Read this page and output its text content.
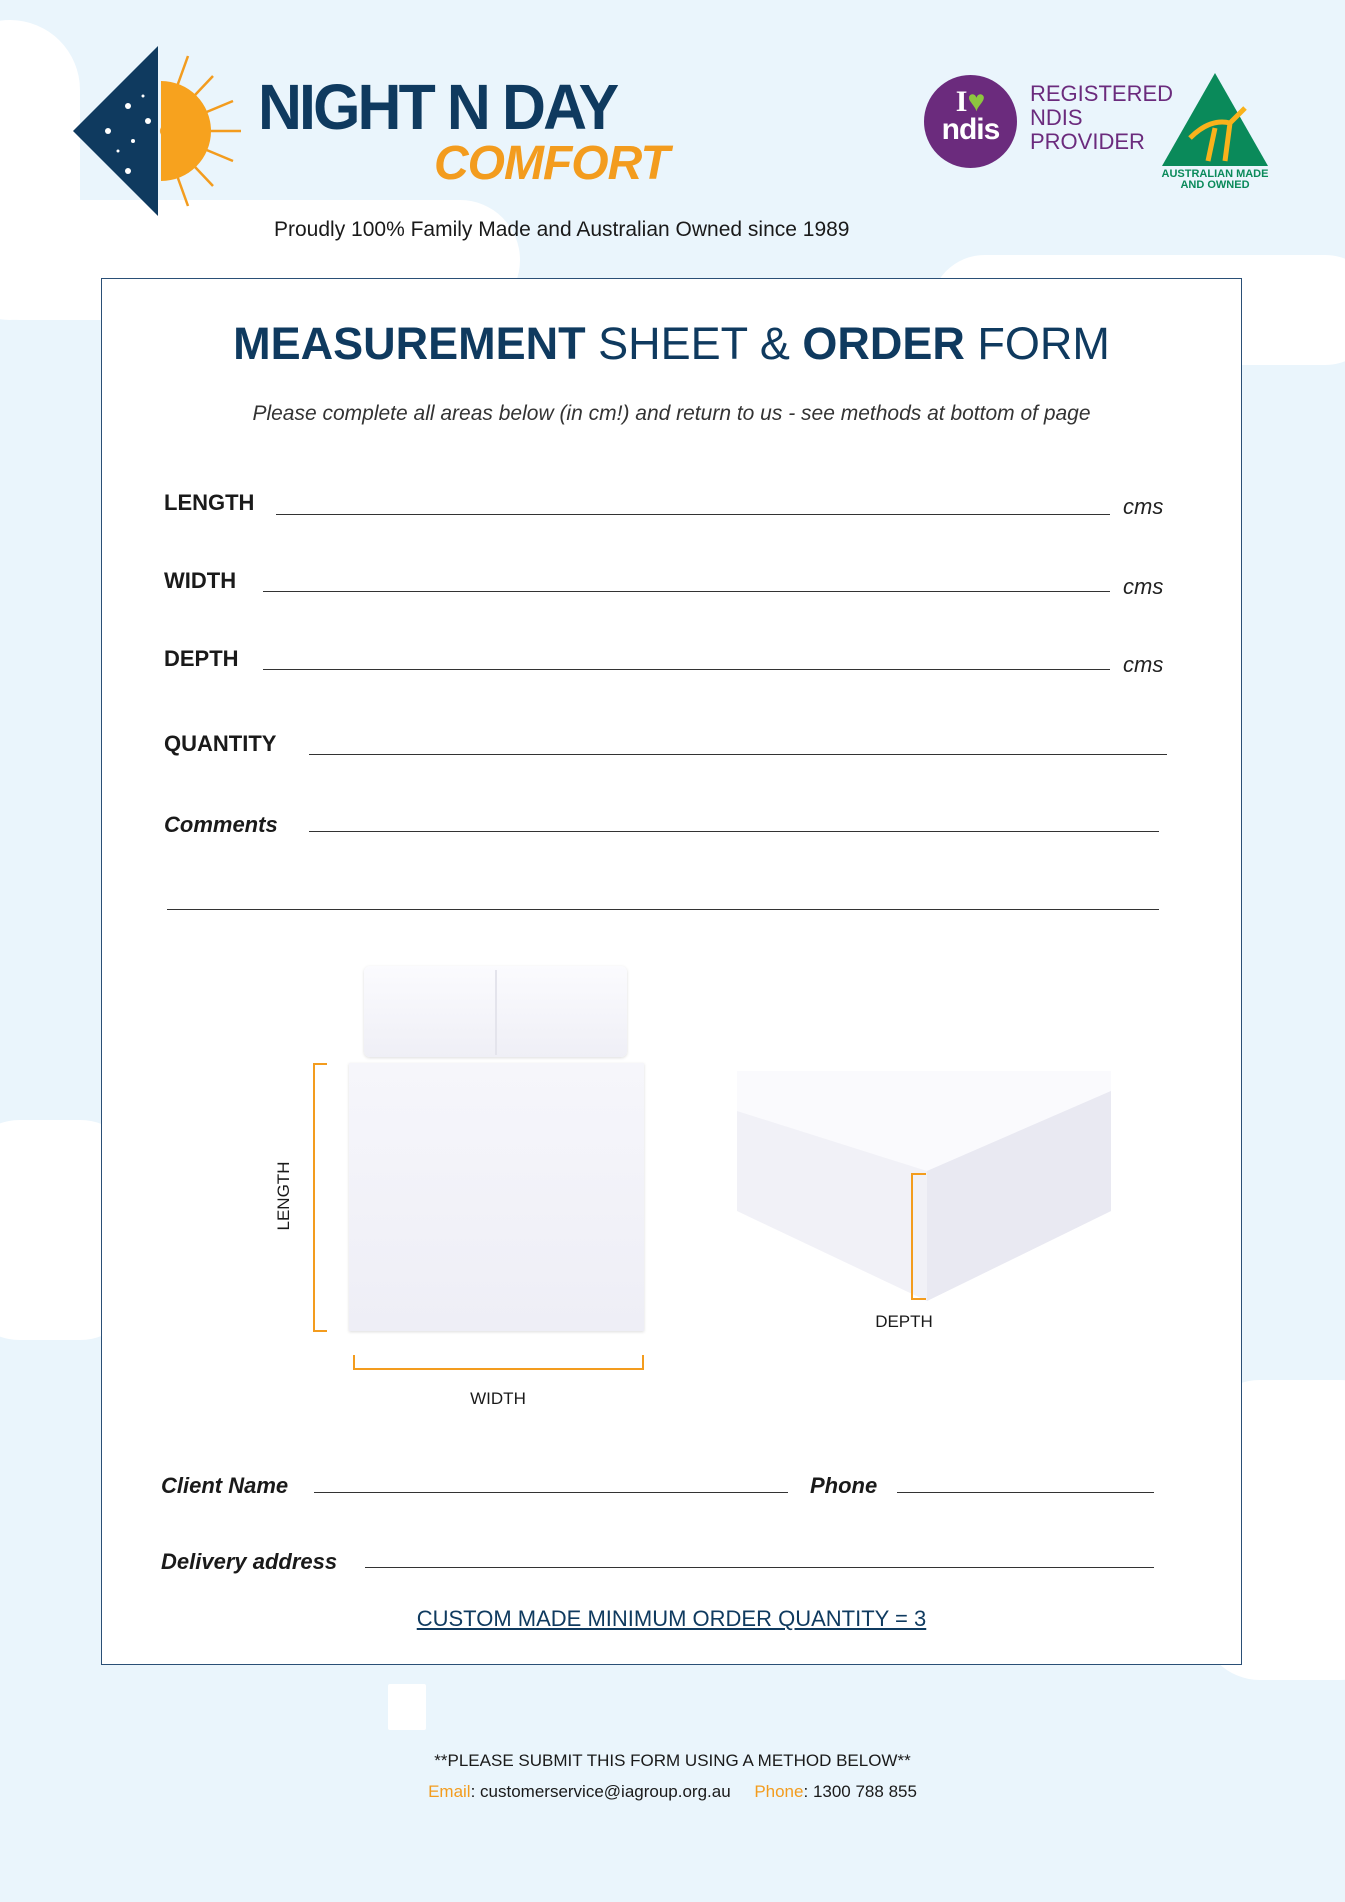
NIGHT N DAY
COMFORT
Proudly 100% Family Made and Australian Owned since 1989
I♥
ndis
REGISTERED
NDIS
PROVIDER
AUSTRALIAN MADE
AND OWNED
MEASUREMENT SHEET & ORDER FORM
Please complete all areas below (in cm!) and return to us - see methods at bottom of page
LENGTH	cms
WIDTH	cms
DEPTH	cms
QUANTITY
Comments
LENGTH
WIDTH
DEPTH
Client Name	Phone
Delivery address
CUSTOM MADE MINIMUM ORDER QUANTITY = 3
**PLEASE SUBMIT THIS FORM USING A METHOD BELOW**
Email: customerservice@iagroup.org.au Phone: 1300 788 855
